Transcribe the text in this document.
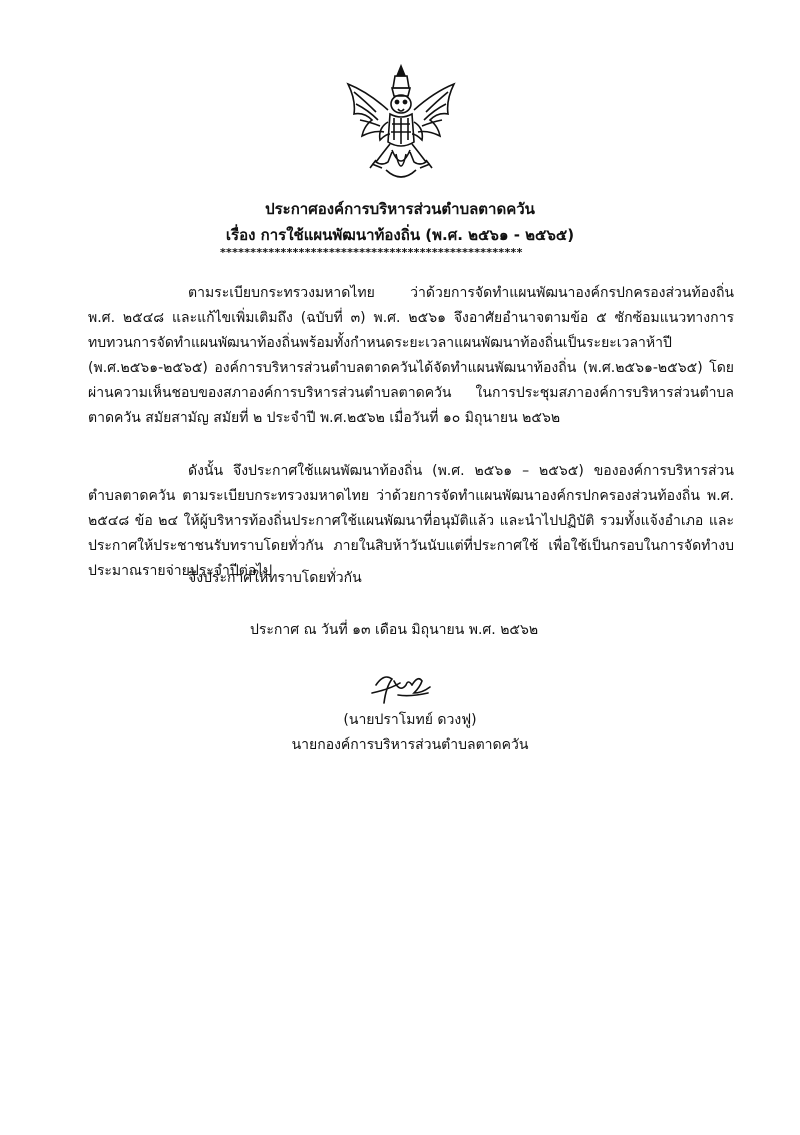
ประกาศองค์การบริหารส่วนตำบลตาดควัน
เรื่อง การใช้แผนพัฒนาท้องถิ่น (พ.ศ. ๒๕๖๑ - ๒๕๖๕)
**************************************************
ตามระเบียบกระทรวงมหาดไทย ว่าด้วยการจัดทำแผนพัฒนาองค์กรปกครองส่วนท้องถิ่น พ.ศ. ๒๕๔๘ และแก้ไขเพิ่มเติมถึง (ฉบับที่ ๓) พ.ศ. ๒๕๖๑ จึงอาศัยอำนาจตามข้อ ๕ ซักซ้อมแนวทางการทบทวนการจัดทำแผนพัฒนาท้องถิ่นพร้อมทั้งกำหนดระยะเวลาแผนพัฒนาท้องถิ่นเป็นระยะเวลาห้าปี (พ.ศ.๒๕๖๑-๒๕๖๕) องค์การบริหารส่วนตำบลตาดควันได้จัดทำแผนพัฒนาท้องถิ่น (พ.ศ.๒๕๖๑-๒๕๖๕) โดยผ่านความเห็นชอบของสภาองค์การบริหารส่วนตำบลตาดควัน ในการประชุมสภาองค์การบริหารส่วนตำบลตาดควัน สมัยสามัญ สมัยที่ ๒ ประจำปี พ.ศ.๒๕๖๒ เมื่อวันที่ ๑๐ มิถุนายน ๒๕๖๒
ดังนั้น จึงประกาศใช้แผนพัฒนาท้องถิ่น (พ.ศ. ๒๕๖๑ – ๒๕๖๕) ขององค์การบริหารส่วนตำบลตาดควัน ตามระเบียบกระทรวงมหาดไทย ว่าด้วยการจัดทำแผนพัฒนาองค์กรปกครองส่วนท้องถิ่น พ.ศ. ๒๕๔๘ ข้อ ๒๔ ให้ผู้บริหารท้องถิ่นประกาศใช้แผนพัฒนาที่อนุมัติแล้ว และนำไปปฏิบัติ รวมทั้งแจ้งอำเภอ และประกาศให้ประชาชนรับทราบโดยทั่วกัน ภายในสิบห้าวันนับแต่ที่ประกาศใช้ เพื่อใช้เป็นกรอบในการจัดทำงบประมาณรายจ่ายประจำปีต่อไป
จึงประกาศให้ทราบโดยทั่วกัน
ประกาศ ณ วันที่ ๑๓ เดือน มิถุนายน พ.ศ. ๒๕๖๒
(นายปราโมทย์ ดวงฟู)
นายกองค์การบริหารส่วนตำบลตาดควัน
